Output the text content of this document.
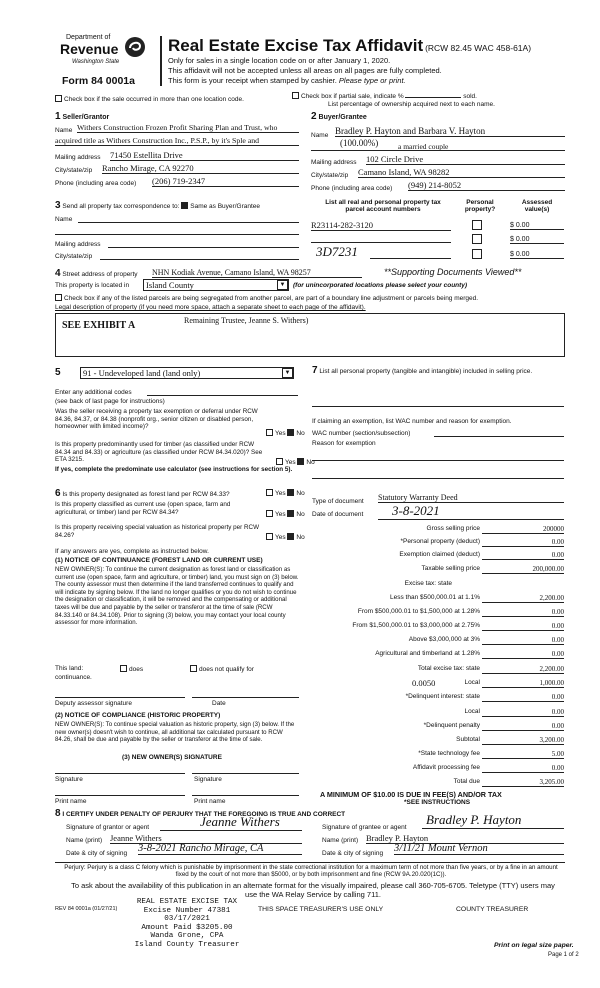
Department of
Revenue
Washington State
Form 84 0001a
Real Estate Excise Tax Affidavit (RCW 82.45 WAC 458-61A)
Only for sales in a single location code on or after January 1, 2020.
This affidavit will not be accepted unless all areas on all pages are fully completed.
This form is your receipt when stamped by cashier. Please type or print.
Check box if the sale occurred in more than one location code.	Check box if partial sale, indicate %	sold.
List percentage of ownership acquired next to each name.
1 Seller/Grantor
Name Withers Construction Frozen Profit Sharing Plan and Trust, who
acquired title as Withers Construction Inc., P.S.P., by it's Sple and
Mailing address 71450 Estellita Drive
City/state/zip Rancho Mirage, CA 92270
Phone (including area code) (206) 719-2347
2 Buyer/Grantee
Name Bradley P. Hayton and Barbara V. Hayton
(100.00%)	a married couple
Mailing address 102 Circle Drive
City/state/zip Camano Island, WA 98282
Phone (including area code) (949) 214-8052
3 Send all property tax correspondence to: Same as Buyer/Grantee
Name
Mailing address
City/state/zip	3D7231
List all real and personal property tax
parcel account numbers
Personal
property?
Assessed
value(s)
R23114-282-3120	$ 0.00
$ 0.00
$ 0.00
4 Street address of property NHN Kodiak Avenue, Camano Island, WA 98257	**Supporting Documents Viewed**
This property is located in Island County	▼	(for unincorporated locations please select your county)
Check box if any of the listed parcels are being segregated from another parcel, are part of a boundary line adjustment or parcels being merged.
Legal description of property (if you need more space, attach a separate sheet to each page of the affidavit).
SEE EXHIBIT A	Remaining Trustee, Jeanne S. Withers)
5	91 - Undeveloped land (land only)	▼
Enter any additional codes
(see back of last page for instructions)
Was the seller receiving a property tax exemption or deferral under RCW 84.36, 84.37, or 84.38 (nonprofit org., senior citizen or disabled person, homeowner with limited income)?
Yes No
Is this property predominantly used for timber (as classified under RCW 84.34 and 84.33) or agriculture (as classified under RCW 84.34.020)? See ETA 3215.	Yes No
If yes, complete the predominate use calculator (see instructions for section 5).
6 Is this property designated as forest land per RCW 84.33?	Yes No
Is this property classified as current use (open space, farm and agricultural, or timber) land per RCW 84.34?	Yes No
Is this property receiving special valuation as historical property per RCW 84.26?	Yes No
If any answers are yes, complete as instructed below.
(1) NOTICE OF CONTINUANCE (FOREST LAND OR CURRENT USE)
NEW OWNER(S): To continue the current designation as forest land or classification as current use (open space, farm and agriculture, or timber) land, you must sign on (3) below. The county assessor must then determine if the land transferred continues to qualify and will indicate by signing below. If the land no longer qualifies or you do not wish to continue the designation or classification, it will be removed and the compensating or additional taxes will be due and payable by the seller or transferor at the time of sale (RCW 84.33.140 or 84.34.108). Prior to signing (3) below, you may contact your local county assessor for more information.
This land:	does	does not qualify for
continuance.
Deputy assessor signature	Date
(2) NOTICE OF COMPLIANCE (HISTORIC PROPERTY)
NEW OWNER(S): To continue special valuation as historic property, sign (3) below. If the new owner(s) doesn't wish to continue, all additional tax calculated pursuant to RCW 84.26, shall be due and payable by the seller or transferor at the time of sale.
(3) NEW OWNER(S) SIGNATURE
Signature	Signature
Print name	Print name
7 List all personal property (tangible and intangible) included in selling price.
If claiming an exemption, list WAC number and reason for exemption.
WAC number (section/subsection)
Reason for exemption
Type of document Statutory Warranty Deed
Date of document	3-8-2021
Gross selling price	200000
*Personal property (deduct)	0.00
Exemption claimed (deduct)	0.00
Taxable selling price	200,000.00
Excise tax: state
Less than $500,000.01 at 1.1%	2,200.00
From $500,000.01 to $1,500,000 at 1.28%	0.00
From $1,500,000.01 to $3,000,000 at 2.75%	0.00
Above $3,000,000 at 3%	0.00
Agricultural and timberland at 1.28%	0.00
Total excise tax: state	2,200.00
0.0050	Local	1,000.00
*Delinquent interest: state	0.00
Local	0.00
*Delinquent penalty	0.00
Subtotal	3,200.00
*State technology fee	5.00
Affidavit processing fee	0.00
Total due	3,205.00
A MINIMUM OF $10.00 IS DUE IN FEE(S) AND/OR TAX
*SEE INSTRUCTIONS
8 I CERTIFY UNDER PENALTY OF PERJURY THAT THE FOREGOING IS TRUE AND CORRECT
Signature of grantor or agent	Jeanne Withers
Name (print) Jeanne Withers
Date & city of signing 3-8-2021 Rancho Mirage, CA
Signature of grantee or agent
Bradley P. Hayton
Name (print) Bradley P. Hayton
Date & city of signing 3/11/21 Mount Vernon
Perjury: Perjury is a class C felony which is punishable by imprisonment in the state correctional institution for a maximum term of not more than five years, or by a fine in an amount fixed by the court of not more than $5000, or by both imprisonment and fine (RCW 9A.20.020(1C)).
To ask about the availability of this publication in an alternate format for the visually impaired, please call 360-705-6705. Teletype (TTY) users may use the WA Relay Service by calling 711.
REV 84 0001a (01/27/21)
REAL ESTATE EXCISE TAX
Excise Number 47381
03/17/2021
Amount Paid $3205.00
Wanda Grone, CPA
Island County Treasurer
THIS SPACE TREASURER'S USE ONLY	COUNTY TREASURER
Print on legal size paper.
Page 1 of 2
